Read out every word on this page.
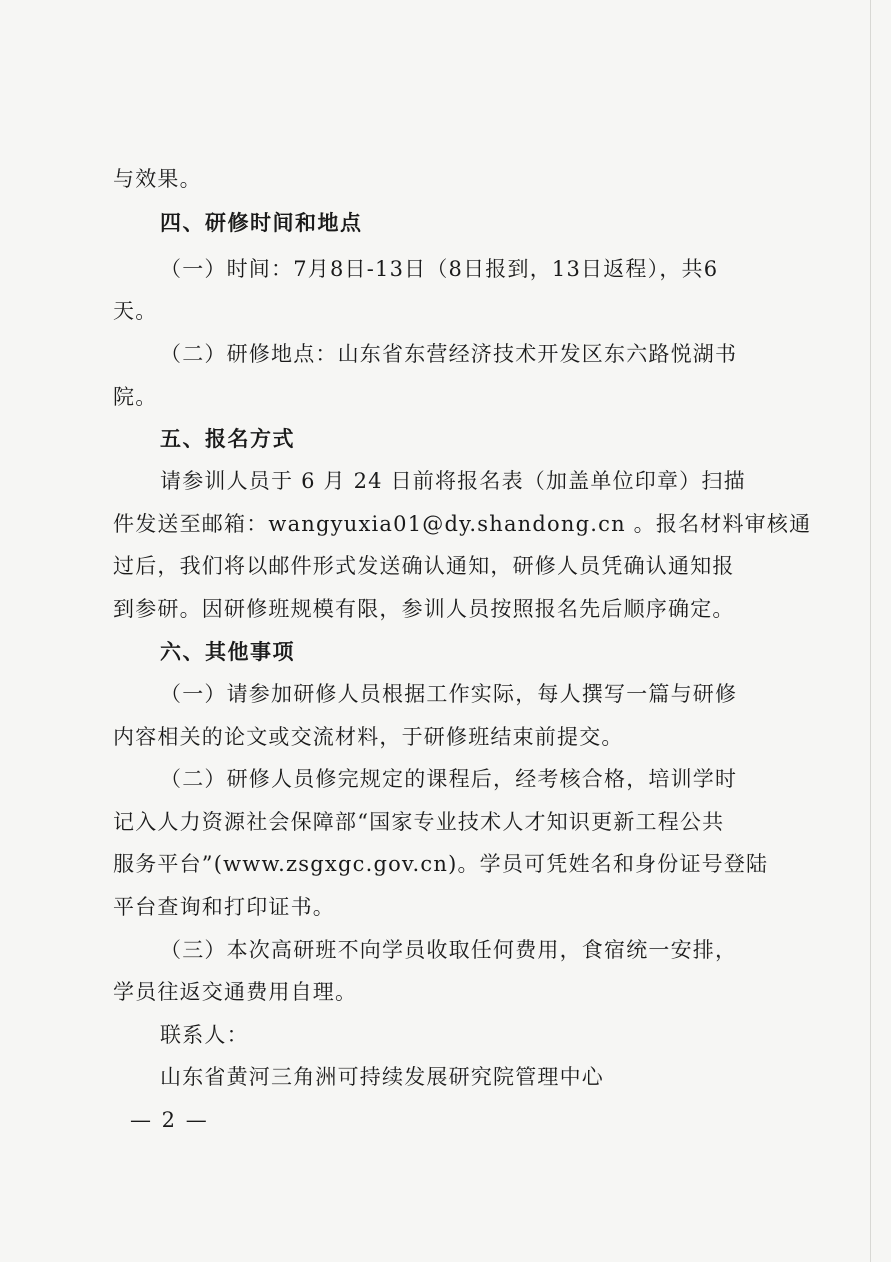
与效果。
四、研修时间和地点
（一）时间：7月8日-13日（8日报到，13日返程），共6
天。
（二）研修地点：山东省东营经济技术开发区东六路悦湖书
院。
五、报名方式
请参训人员于 6 月 24 日前将报名表（加盖单位印章）扫描
件发送至邮箱：wangyuxia01@dy.shandong.cn 。报名材料审核通
过后，我们将以邮件形式发送确认通知，研修人员凭确认通知报
到参研。因研修班规模有限，参训人员按照报名先后顺序确定。
六、其他事项
（一）请参加研修人员根据工作实际，每人撰写一篇与研修
内容相关的论文或交流材料，于研修班结束前提交。
（二）研修人员修完规定的课程后，经考核合格，培训学时
记入人力资源社会保障部“国家专业技术人才知识更新工程公共
服务平台”(www.zsgxgc.gov.cn)。学员可凭姓名和身份证号登陆
平台查询和打印证书。
（三）本次高研班不向学员收取任何费用，食宿统一安排，
学员往返交通费用自理。
联系人：
山东省黄河三角洲可持续发展研究院管理中心
— 2 —
